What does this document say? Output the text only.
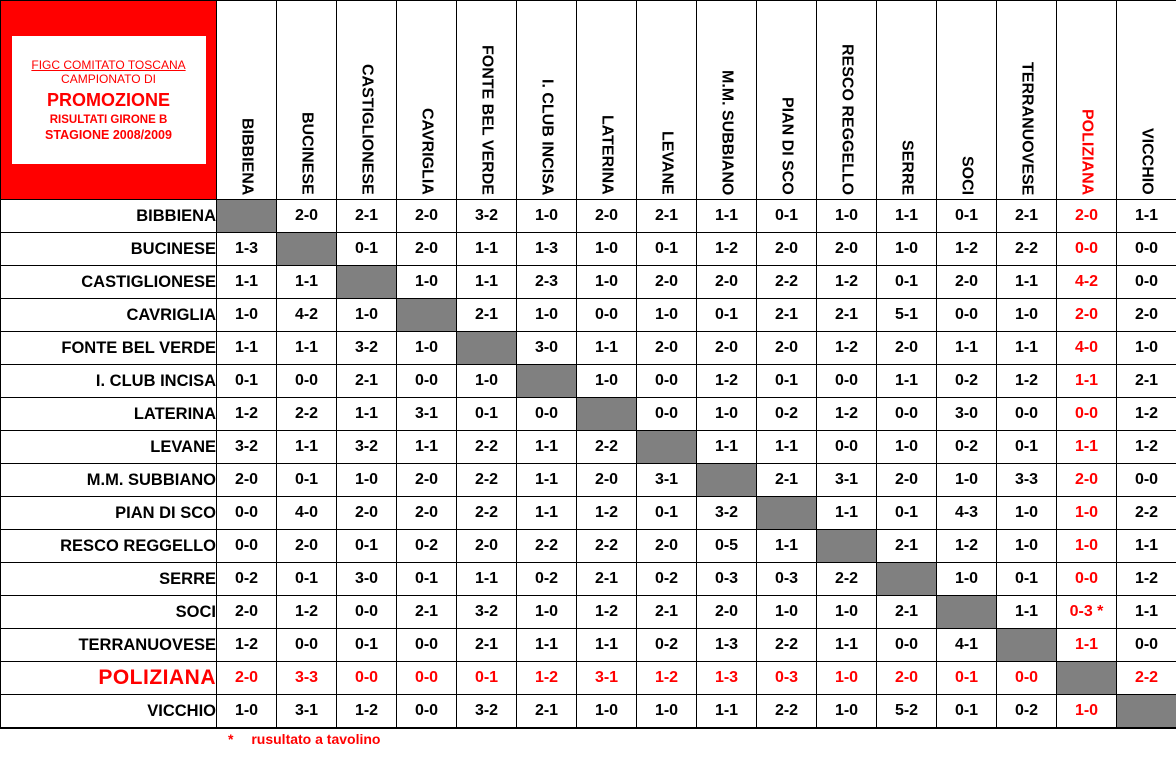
FIGC COMITATO TOSCANA
CAMPIONATO DI
PROMOZIONE
RISULTATI GIRONE B
STAGIONE 2008/2009	BIBBIENA	BUCINESE	CASTIGLIONESE	CAVRIGLIA	FONTE BEL VERDE	I. CLUB INCISA	LATERINA	LEVANE	M.M. SUBBIANO	PIAN DI SCO	RESCO REGGELLO	SERRE	SOCI	TERRANUOVESE	POLIZIANA	VICCHIO

BIBBIENA		2-0	2-1	2-0	3-2	1-0	2-0	2-1	1-1	0-1	1-0	1-1	0-1	2-1	2-0	1-1
BUCINESE	1-3		0-1	2-0	1-1	1-3	1-0	0-1	1-2	2-0	2-0	1-0	1-2	2-2	0-0	0-0
CASTIGLIONESE	1-1	1-1		1-0	1-1	2-3	1-0	2-0	2-0	2-2	1-2	0-1	2-0	1-1	4-2	0-0
CAVRIGLIA	1-0	4-2	1-0		2-1	1-0	0-0	1-0	0-1	2-1	2-1	5-1	0-0	1-0	2-0	2-0
FONTE BEL VERDE	1-1	1-1	3-2	1-0		3-0	1-1	2-0	2-0	2-0	1-2	2-0	1-1	1-1	4-0	1-0
I. CLUB INCISA	0-1	0-0	2-1	0-0	1-0		1-0	0-0	1-2	0-1	0-0	1-1	0-2	1-2	1-1	2-1
LATERINA	1-2	2-2	1-1	3-1	0-1	0-0		0-0	1-0	0-2	1-2	0-0	3-0	0-0	0-0	1-2
LEVANE	3-2	1-1	3-2	1-1	2-2	1-1	2-2		1-1	1-1	0-0	1-0	0-2	0-1	1-1	1-2
M.M. SUBBIANO	2-0	0-1	1-0	2-0	2-2	1-1	2-0	3-1		2-1	3-1	2-0	1-0	3-3	2-0	0-0
PIAN DI SCO	0-0	4-0	2-0	2-0	2-2	1-1	1-2	0-1	3-2		1-1	0-1	4-3	1-0	1-0	2-2
RESCO REGGELLO	0-0	2-0	0-1	0-2	2-0	2-2	2-2	2-0	0-5	1-1		2-1	1-2	1-0	1-0	1-1
SERRE	0-2	0-1	3-0	0-1	1-1	0-2	2-1	0-2	0-3	0-3	2-2		1-0	0-1	0-0	1-2
SOCI	2-0	1-2	0-0	2-1	3-2	1-0	1-2	2-1	2-0	1-0	1-0	2-1		1-1	0-3 *	1-1
TERRANUOVESE	1-2	0-0	0-1	0-0	2-1	1-1	1-1	0-2	1-3	2-2	1-1	0-0	4-1		1-1	0-0
POLIZIANA	2-0	3-3	0-0	0-0	0-1	1-2	3-1	1-2	1-3	0-3	1-0	2-0	0-1	0-0		2-2
VICCHIO	1-0	3-1	1-2	0-0	3-2	2-1	1-0	1-0	1-1	2-2	1-0	5-2	0-1	0-2	1-0	
* rusultato a tavolino
